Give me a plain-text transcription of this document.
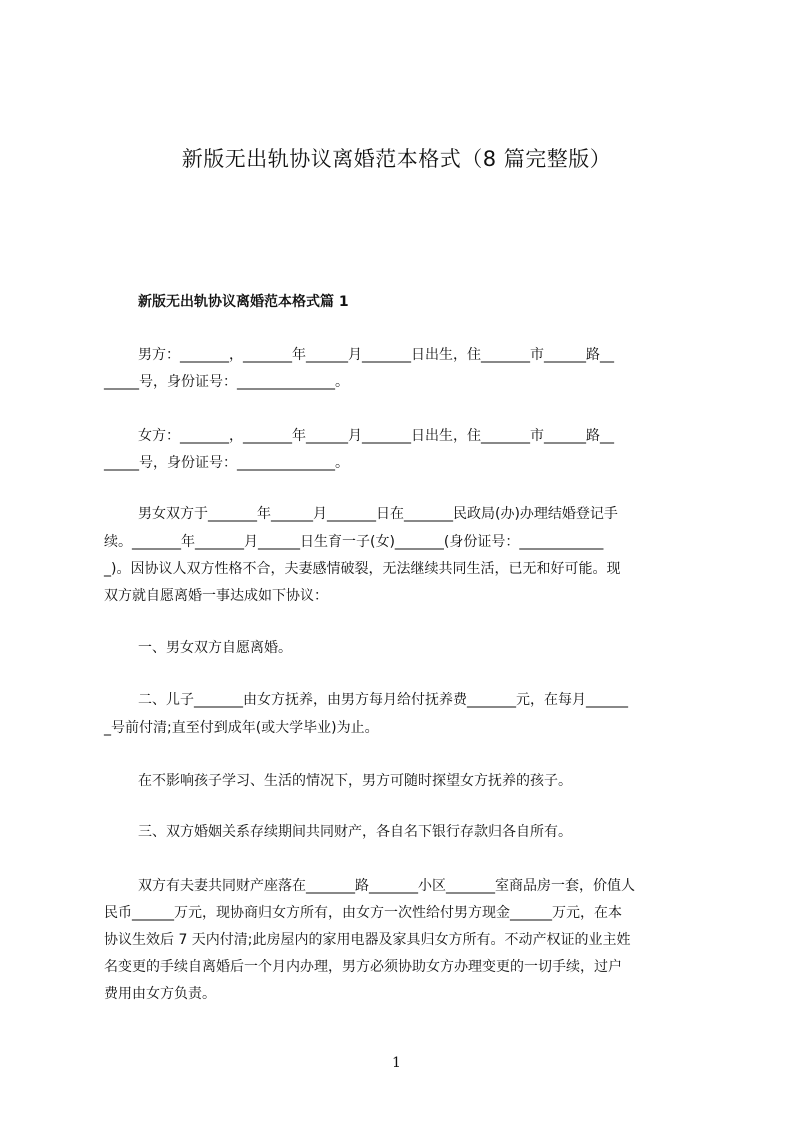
新版无出轨协议离婚范本格式（8 篇完整版）
新版无出轨协议离婚范本格式篇 1
男方：_______，_______年______月_______日出生，住_______市______路__
_____号，身份证号：______________。
女方：_______，_______年______月_______日出生，住_______市______路__
_____号，身份证号：______________。
男女双方于_______年______月_______日在_______民政局(办)办理结婚登记手
续。_______年_______月______日生育一子(女)_______(身份证号：____________
_)。因协议人双方性格不合，夫妻感情破裂，无法继续共同生活，已无和好可能。现
双方就自愿离婚一事达成如下协议：
一、男女双方自愿离婚。
二、儿子_______由女方抚养，由男方每月给付抚养费_______元，在每月______
_号前付清;直至付到成年(或大学毕业)为止。
在不影响孩子学习、生活的情况下，男方可随时探望女方抚养的孩子。
三、双方婚姻关系存续期间共同财产，各自名下银行存款归各自所有。
双方有夫妻共同财产座落在_______路_______小区_______室商品房一套，价值人
民币______万元，现协商归女方所有，由女方一次性给付男方现金______万元，在本
协议生效后 7 天内付清;此房屋内的家用电器及家具归女方所有。不动产权证的业主姓
名变更的手续自离婚后一个月内办理，男方必须协助女方办理变更的一切手续，过户
费用由女方负责。
1
